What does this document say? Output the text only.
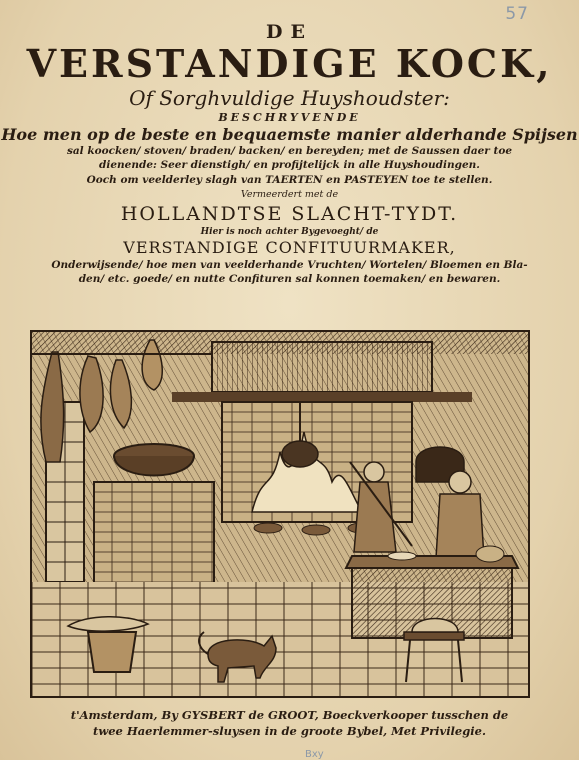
57
DE
VERSTANDIGE KOCK,
Of Sorghvuldige Huyshoudster:
BESCHRYVENDE
Hoe men op de beste en bequaemste manier alderhande Spijsen
sal koocken/ stoven/ braden/ backen/ en bereyden; met de Saussen daer toe
dienende: Seer dienstigh/ en profijtelijck in alle Huyshoudingen.
Ooch om veelderley slagh van TAERTEN en PASTEYEN toe te stellen.
Vermeerdert met de
HOLLANDTSE SLACHT-TYDT.
Hier is noch achter Bygevoeght/ de
VERSTANDIGE CONFITUURMAKER,
Onderwijsende/ hoe men van veelderhande Vruchten/ Wortelen/ Bloemen en Bla-
den/ etc. goede/ en nutte Confituren sal konnen toemaken/ en bewaren.
t'Amsterdam, By GYSBERT de GROOT, Boeckverkooper tusschen de
twee Haerlemmer-sluysen in de groote Bybel, Met Privilegie.
Bxy
